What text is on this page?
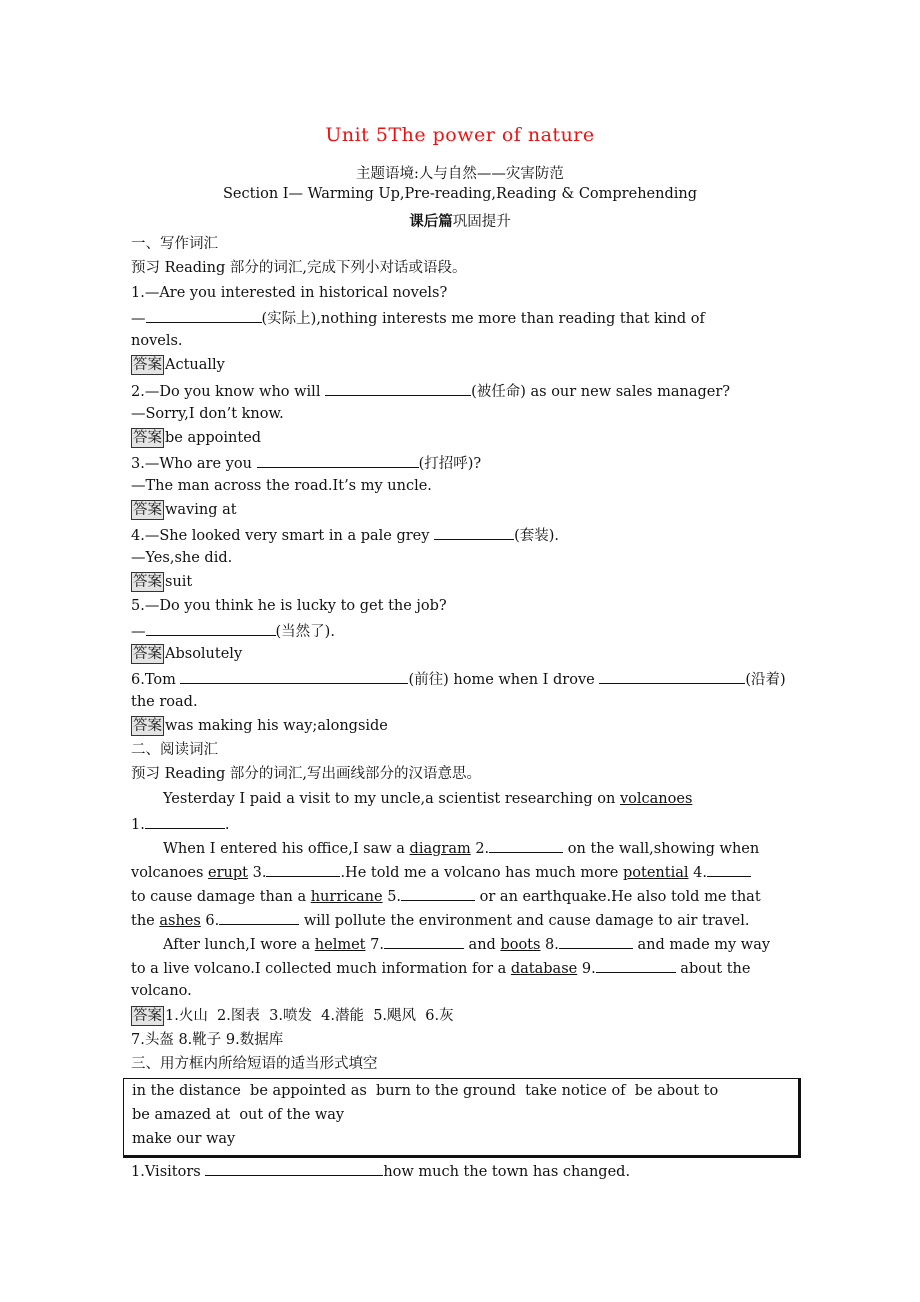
Unit 5The power of nature
主题语境:人与自然——灾害防范
Section Ⅰ— Warming Up,Pre-reading,Reading & Comprehending
课后篇巩固提升
一、写作词汇
预习 Reading 部分的词汇,完成下列小对话或语段。
1.—Are you interested in historical novels?
—	(实际上),nothing interests me more than reading that kind of
novels.
答案 Actually
2.—Do you know who will	(被任命) as our new sales manager?
—Sorry,I don’t know.
答案 be appointed
3.—Who are you	(打招呼)?
—The man across the road.It’s my uncle.
答案 waving at
4.—She looked very smart in a pale grey	(套装).
—Yes,she did.
答案 suit
5.—Do you think he is lucky to get the job?
—	(当然了).
答案 Absolutely
6.Tom	(前往) home when I drove	(沿着)
the road.
答案 was making his way;alongside
二、阅读词汇
预习 Reading 部分的词汇,写出画线部分的汉语意思。
Yesterday I paid a visit to my uncle,a scientist researching on volcanoes
1.	.
When I entered his office,I saw a diagram 2.	on the wall,showing when
volcanoes erupt 3.	.He told me a volcano has much more potential 4.
to cause damage than a hurricane 5.	or an earthquake.He also told me that
the ashes 6.	will pollute the environment and cause damage to air travel.
After lunch,I wore a helmet 7.	and boots 8.	and made my way
to a live volcano.I collected much information for a database 9.	about the
volcano.
答案 1.火山  2.图表  3.喷发  4.潜能  5.飓风  6.灰
7.头盔 8.靴子 9.数据库
三、用方框内所给短语的适当形式填空
in the distance  be appointed as  burn to the ground  take notice of  be about to
be amazed at  out of the way
make our way
1.Visitors	how much the town has changed.
